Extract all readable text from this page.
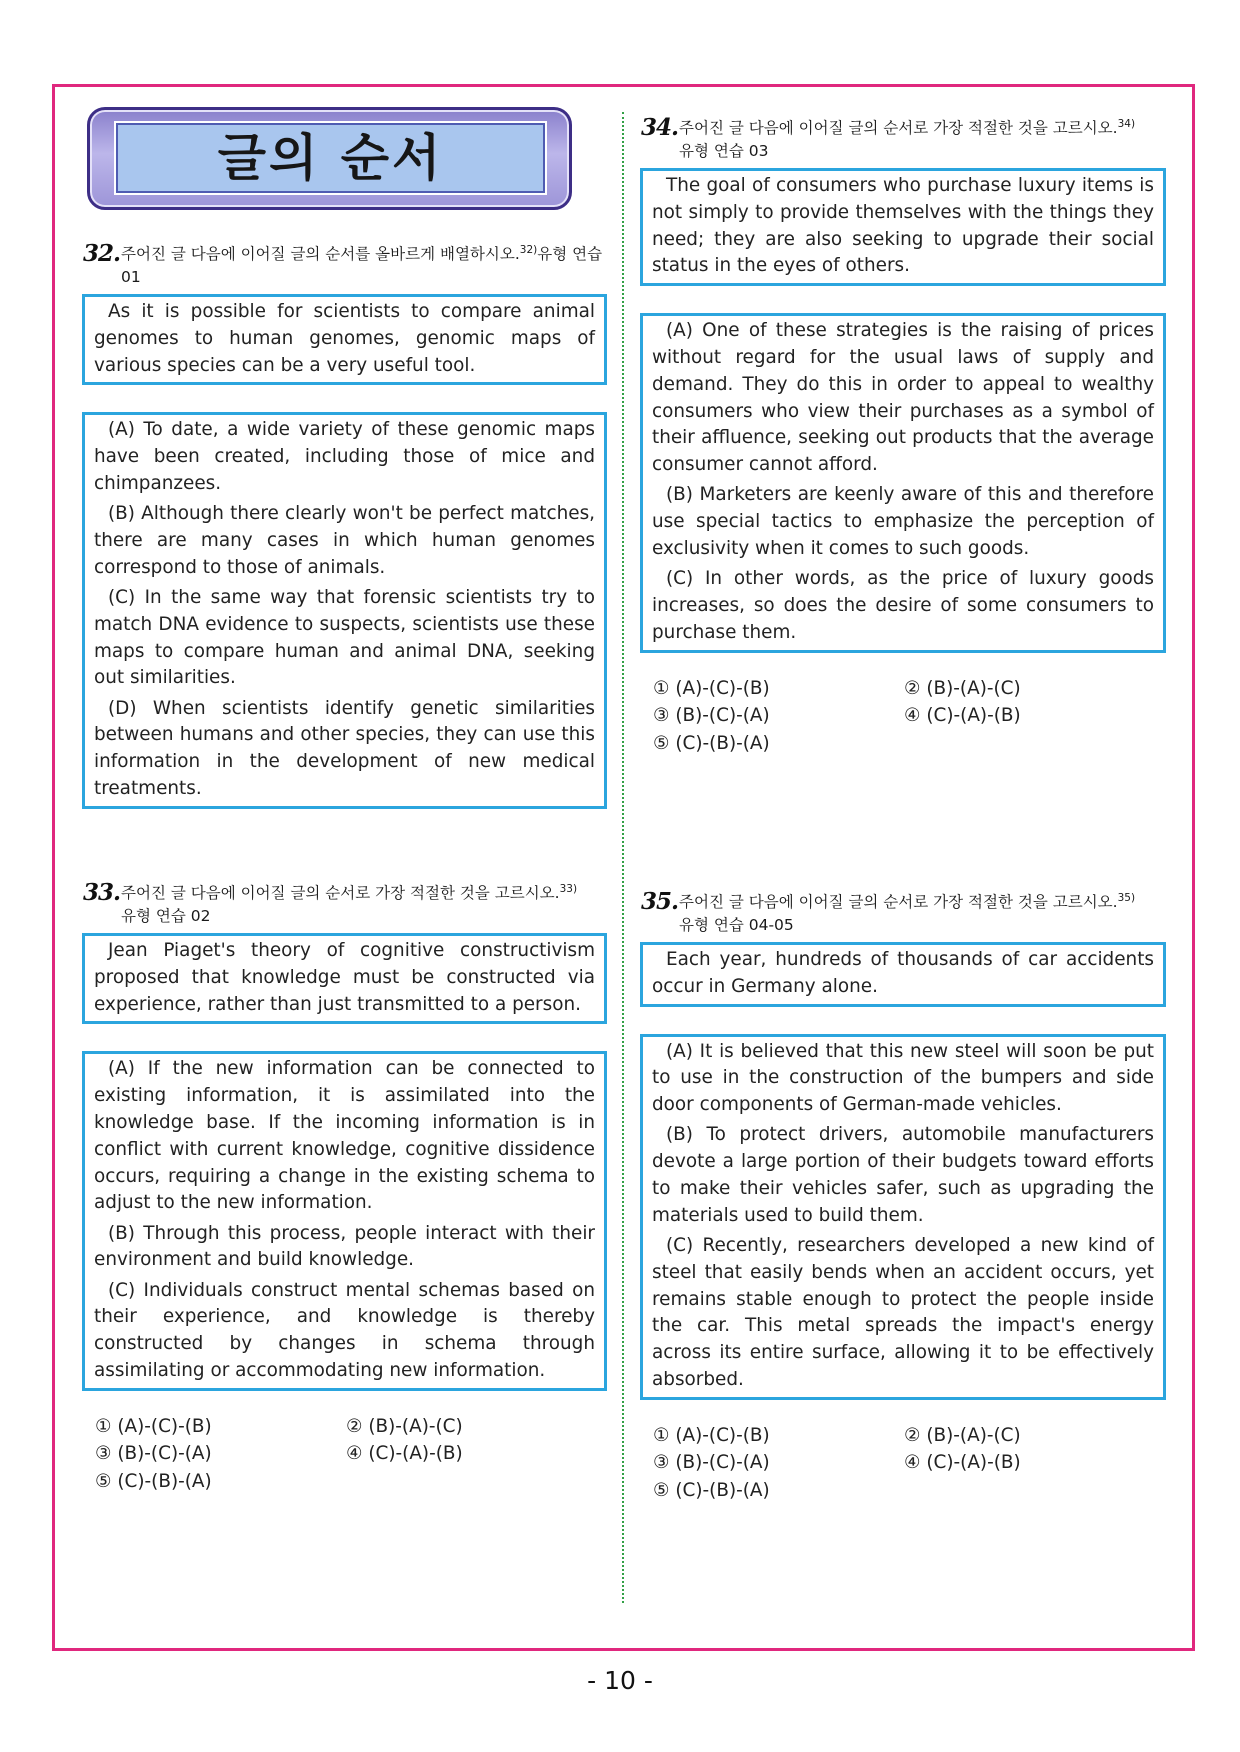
글의 순서
32. 주어진 글 다음에 이어질 글의 순서를 올바르게 배열하시오.$^{32)}$유형 연습 01

As it is possible for scientists to compare animal genomes to human genomes, genomic maps of various species can be a very useful tool.

(A) To date, a wide variety of these genomic maps have been created, including those of mice and chimpanzees.

(B) Although there clearly won't be perfect matches, there are many cases in which human genomes correspond to those of animals.

(C) In the same way that forensic scientists try to match DNA evidence to suspects, scientists use these maps to compare human and animal DNA, seeking out similarities.

(D) When scientists identify genetic similarities between humans and other species, they can use this information in the development of new medical treatments.

33. 주어진 글 다음에 이어질 글의 순서로 가장 적절한 것을 고르시오.$^{33)}$
유형 연습 02

Jean Piaget's theory of cognitive constructivism proposed that knowledge must be constructed via experience, rather than just transmitted to a person.

(A) If the new information can be connected to existing information, it is assimilated into the knowledge base. If the incoming information is in conflict with current knowledge, cognitive dissidence occurs, requiring a change in the existing schema to adjust to the new information.

(B) Through this process, people interact with their environment and build knowledge.

(C) Individuals construct mental schemas based on their experience, and knowledge is thereby constructed by changes in schema through assimilating or accommodating new information.

① (A)-(C)-(B)	② (B)-(A)-(C)
③ (B)-(C)-(A)	④ (C)-(A)-(B)
⑤ (C)-(B)-(A)
34. 주어진 글 다음에 이어질 글의 순서로 가장 적절한 것을 고르시오.$^{34)}$
유형 연습 03

The goal of consumers who purchase luxury items is not simply to provide themselves with the things they need; they are also seeking to upgrade their social status in the eyes of others.

(A) One of these strategies is the raising of prices without regard for the usual laws of supply and demand. They do this in order to appeal to wealthy consumers who view their purchases as a symbol of their affluence, seeking out products that the average consumer cannot afford.

(B) Marketers are keenly aware of this and therefore use special tactics to emphasize the perception of exclusivity when it comes to such goods.

(C) In other words, as the price of luxury goods increases, so does the desire of some consumers to purchase them.

① (A)-(C)-(B)	② (B)-(A)-(C)
③ (B)-(C)-(A)	④ (C)-(A)-(B)
⑤ (C)-(B)-(A)
35. 주어진 글 다음에 이어질 글의 순서로 가장 적절한 것을 고르시오.$^{35)}$
유형 연습 04-05

Each year, hundreds of thousands of car accidents occur in Germany alone.

(A) It is believed that this new steel will soon be put to use in the construction of the bumpers and side door components of German-made vehicles.

(B) To protect drivers, automobile manufacturers devote a large portion of their budgets toward efforts to make their vehicles safer, such as upgrading the materials used to build them.

(C) Recently, researchers developed a new kind of steel that easily bends when an accident occurs, yet remains stable enough to protect the people inside the car. This metal spreads the impact's energy across its entire surface, allowing it to be effectively absorbed.

① (A)-(C)-(B)	② (B)-(A)-(C)
③ (B)-(C)-(A)	④ (C)-(A)-(B)
⑤ (C)-(B)-(A)
- 10 -
